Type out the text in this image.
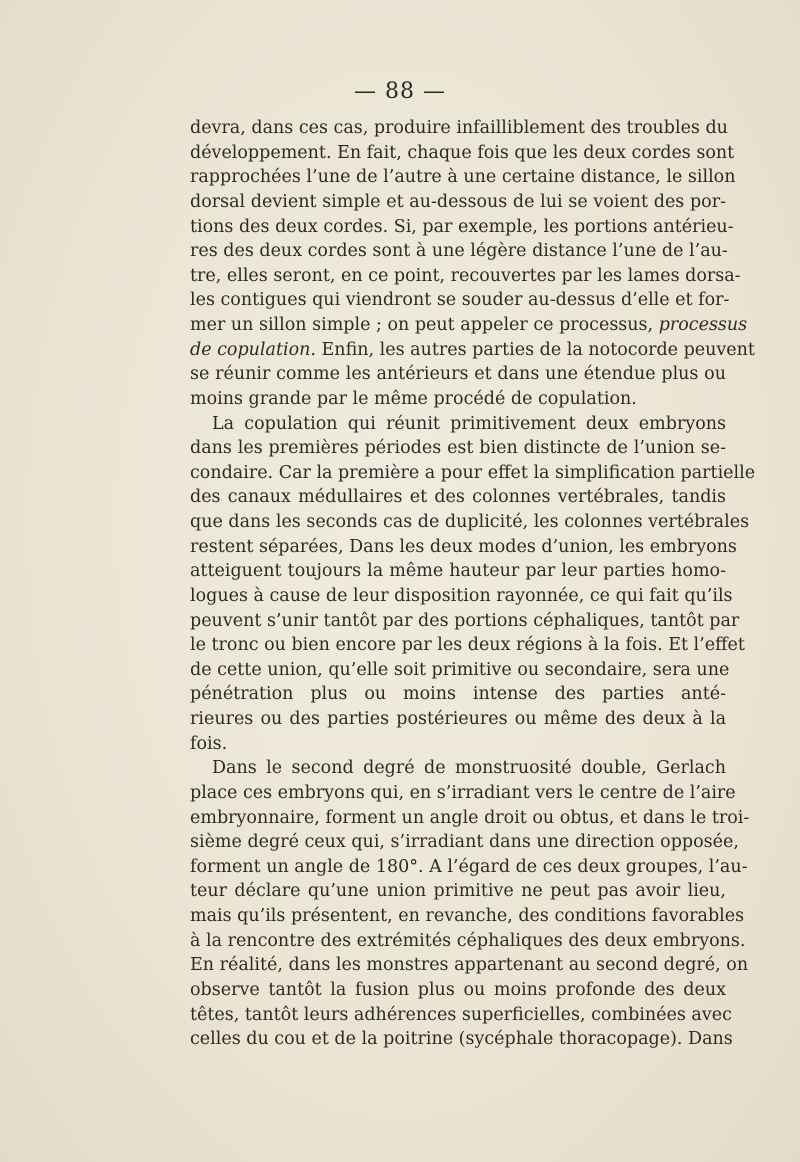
— 88 —
devra, dans ces cas, produire infailliblement des troubles du
développement. En fait, chaque fois que les deux cordes sont
rapprochées l’une de l’autre à une certaine distance, le sillon
dorsal devient simple et au-dessous de lui se voient des por-
tions des deux cordes. Si, par exemple, les portions antérieu-
res des deux cordes sont à une légère distance l’une de l’au-
tre, elles seront, en ce point, recouvertes par les lames dorsa-
les contigues qui viendront se souder au-dessus d’elle et for-
mer un sillon simple ; on peut appeler ce processus, processus
de copulation. Enfin, les autres parties de la notocorde peuvent
se réunir comme les antérieurs et dans une étendue plus ou
moins grande par le même procédé de copulation.
La copulation qui réunit primitivement deux embryons
dans les premières périodes est bien distincte de l’union se-
condaire. Car la première a pour effet la simplification partielle
des canaux médullaires et des colonnes vertébrales, tandis
que dans les seconds cas de duplicité, les colonnes vertébrales
restent séparées, Dans les deux modes d’union, les embryons
atteiguent toujours la même hauteur par leur parties homo-
logues à cause de leur disposition rayonnée, ce qui fait qu’ils
peuvent s’unir tantôt par des portions céphaliques, tantôt par
le tronc ou bien encore par les deux régions à la fois. Et l’effet
de cette union, qu’elle soit primitive ou secondaire, sera une
pénétration plus ou moins intense des parties anté-
rieures ou des parties postérieures ou même des deux à la
fois.
Dans le second degré de monstruosité double, Gerlach
place ces embryons qui, en s’irradiant vers le centre de l’aire
embryonnaire, forment un angle droit ou obtus, et dans le troi-
sième degré ceux qui, s’irradiant dans une direction opposée,
forment un angle de 180°. A l’égard de ces deux groupes, l’au-
teur déclare qu’une union primitive ne peut pas avoir lieu,
mais qu’ils présentent, en revanche, des conditions favorables
à la rencontre des extrémités céphaliques des deux embryons.
En réalité, dans les monstres appartenant au second degré, on
observe tantôt la fusion plus ou moins profonde des deux
têtes, tantôt leurs adhérences superficielles, combinées avec
celles du cou et de la poitrine (sycéphale thoracopage). Dans
